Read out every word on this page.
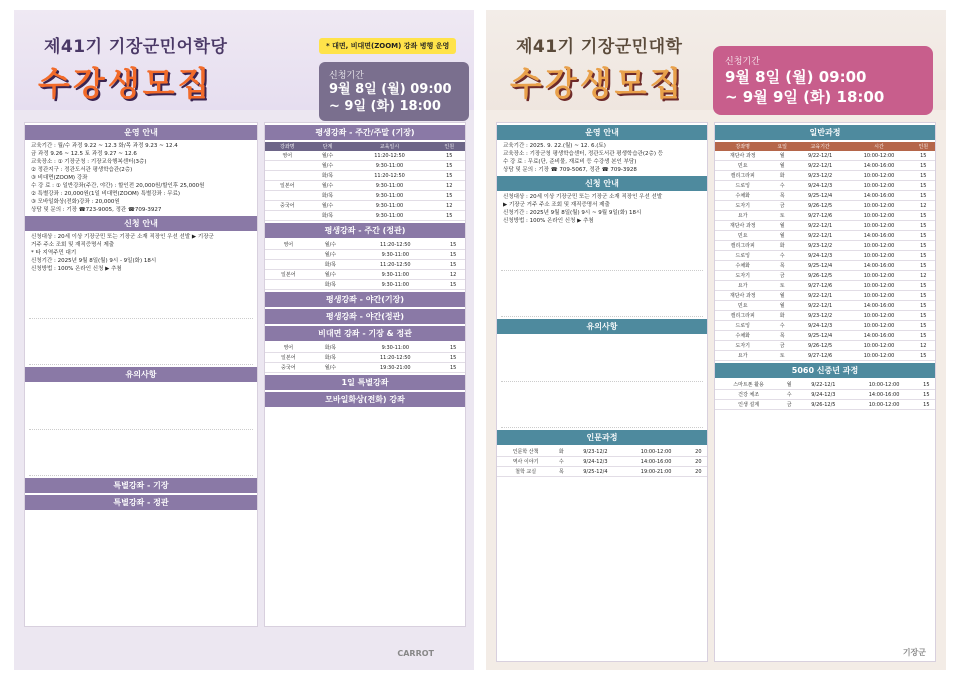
제41기 기장군민어학당
수강생모집
* 대면, 비대면(ZOOM) 강좌 병행 운영
신청기간
9월 8일 (월) 09:00
~ 9일 (화) 18:00
운영 안내
교육기간 : 월/수 과정 9.22 ~ 12.3 화/목 과정 9.23 ~ 12.4
금 과정 9.26 ~ 12.5 토 과정 9.27 ~ 12.6
교육장소 : ① 기장군청 : 기장교육행복센터(3층)
② 정관지구 : 정관도서관 평생학습관(2층)
③ 비대면(ZOOM) 강좌
수 강 료 : ① 일반강좌(주간, 야간) : 할인전 20,000원/할인후 25,000원
② 특별강좌 : 20,000원(1일 비대면(ZOOM) 특별강좌 : 무료)
③ 모바일화상(전화)강좌 : 20,000원
상담 및 문의 : 기장 ☎723-9005, 정관 ☎709-3927
신청 안내
신청대상 : 20세 이상 기장군민 또는 기장군 소재 직장인 우선 선발 ▶ 기장군
거주 주소 조회 및 재직증명서 제출
* 타 지역주민 대기
신청기간 : 2025년 9월 8일(월) 9시 - 9일(화) 18시
신청방법 : 100% 온라인 신청 ▶ 추첨
유의사항
특별강좌 - 기장
특별강좌 - 정관
평생강좌 - 주간/주말 (기장)
강좌명	단계	교육일시	인원
영어	월/수	11:20-12:50	15
	월/수	9:30-11:00	15
	화/목	11:20-12:50	15
일본어	월/수	9:30-11:00	12
	화/목	9:30-11:00	15
중국어	월/수	9:30-11:00	12
	화/목	9:30-11:00	15
평생강좌 - 주간 (정관)
영어	월/수	11:20-12:50	15
	월/수	9:30-11:00	15
	화/목	11:20-12:50	15
일본어	월/수	9:30-11:00	12
	화/목	9:30-11:00	15
평생강좌 - 야간(기장)
평생강좌 - 야간(정관)
비대면 강좌 - 기장 & 정관
영어	화/목	9:30-11:00	15
일본어	화/목	11:20-12:50	15
중국어	월/수	19:30-21:00	15
1일 특별강좌
모바일화상(전화) 강좌
CARROT
제41기 기장군민대학
수강생모집
신청기간
9월 8일 (월) 09:00
~ 9월 9일 (화) 18:00
운영 안내
교육기간 : 2025. 9. 22.(월) ~ 12. 6.(토)
교육장소 : 기장군청 평생학습센터, 정관도서관 평생학습관(2층) 등
수 강 료 : 무료(단, 준비물, 재료비 등 수강생 본인 부담)
상담 및 문의 : 기장 ☎ 709-5067, 정관 ☎ 709-3928
신청 안내
신청대상 : 20세 이상 기장군민 또는 기장군 소재 직장인 우선 선발
▶ 기장군 거주 주소 조회 및 재직증명서 제출
신청기간 : 2025년 9월 8일(월) 9시 ~ 9월 9일(화) 18시
신청방법 : 100% 온라인 신청 ▶ 추첨
유의사항
인문과정
인문학 산책	화	9/23-12/2	10:00-12:00	20
역사 이야기	수	9/24-12/3	14:00-16:00	20
철학 교실	목	9/25-12/4	19:00-21:00	20
일반과정
강좌명	요일	교육기간	시간	인원
재단사 과정	월	9/22-12/1	10:00-12:00	15
민요	월	9/22-12/1	14:00-16:00	15
캘리그라피	화	9/23-12/2	10:00-12:00	15
드로잉	수	9/24-12/3	10:00-12:00	15
수채화	목	9/25-12/4	14:00-16:00	15
도자기	금	9/26-12/5	10:00-12:00	12
요가	토	9/27-12/6	10:00-12:00	15
재단사 과정	월	9/22-12/1	10:00-12:00	15
민요	월	9/22-12/1	14:00-16:00	15
캘리그라피	화	9/23-12/2	10:00-12:00	15
드로잉	수	9/24-12/3	10:00-12:00	15
수채화	목	9/25-12/4	14:00-16:00	15
도자기	금	9/26-12/5	10:00-12:00	12
요가	토	9/27-12/6	10:00-12:00	15
재단사 과정	월	9/22-12/1	10:00-12:00	15
민요	월	9/22-12/1	14:00-16:00	15
캘리그라피	화	9/23-12/2	10:00-12:00	15
드로잉	수	9/24-12/3	10:00-12:00	15
수채화	목	9/25-12/4	14:00-16:00	15
도자기	금	9/26-12/5	10:00-12:00	12
요가	토	9/27-12/6	10:00-12:00	15
5060 신중년 과정
스마트폰 활용	월	9/22-12/1	10:00-12:00	15
건강 체조	수	9/24-12/3	14:00-16:00	15
인생 설계	금	9/26-12/5	10:00-12:00	15
기장군
